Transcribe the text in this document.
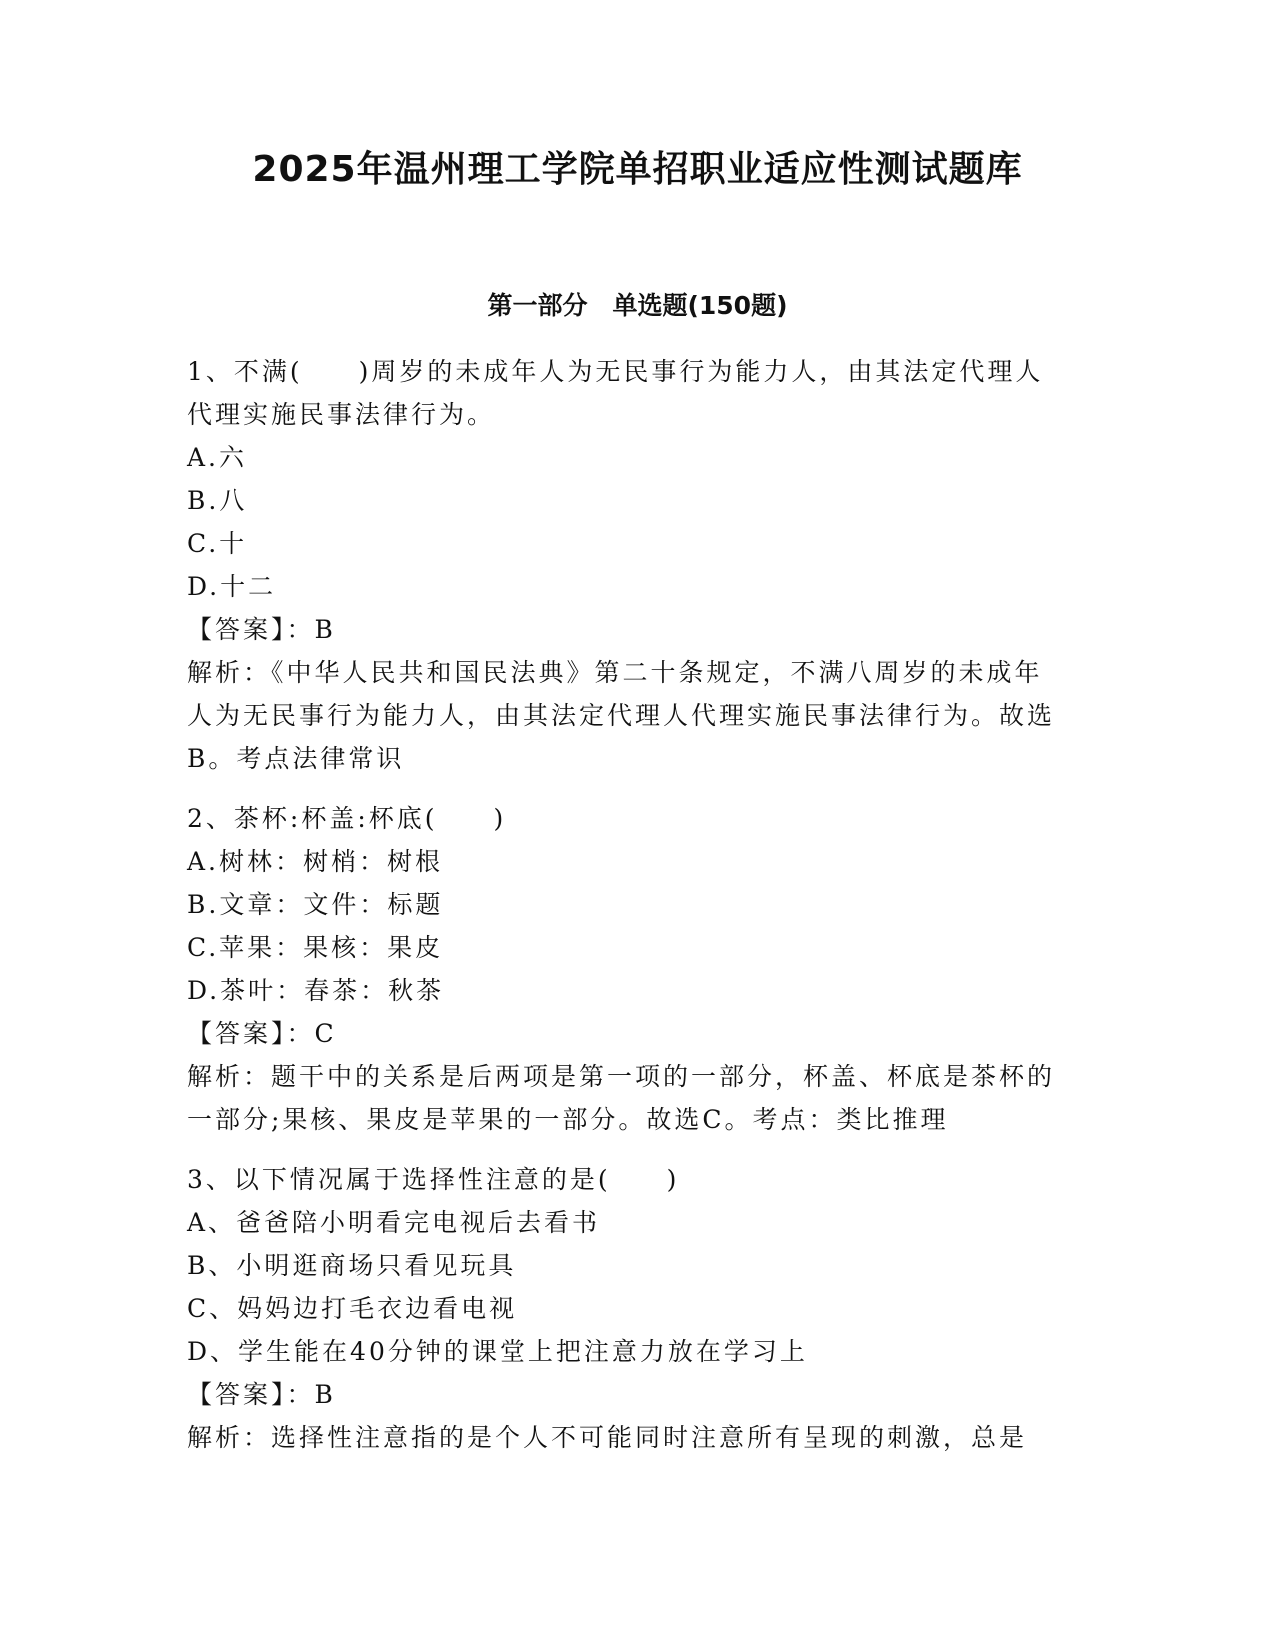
2025年温州理工学院单招职业适应性测试题库
第一部分　单选题(150题)

1、不满(　　)周岁的未成年人为无民事行为能力人，由其法定代理人代理实施民事法律行为。

A.六

B.八

C.十

D.十二

【答案】：B

解析：《中华人民共和国民法典》第二十条规定，不满八周岁的未成年人为无民事行为能力人，由其法定代理人代理实施民事法律行为。故选B。考点法律常识

2、茶杯:杯盖:杯底(　　)

A.树林：树梢：树根

B.文章：文件：标题

C.苹果：果核：果皮

D.茶叶：春茶：秋茶

【答案】：C

解析：题干中的关系是后两项是第一项的一部分，杯盖、杯底是茶杯的一部分;果核、果皮是苹果的一部分。故选C。考点：类比推理

3、以下情况属于选择性注意的是(　　)

A、爸爸陪小明看完电视后去看书

B、小明逛商场只看见玩具

C、妈妈边打毛衣边看电视

D、学生能在40分钟的课堂上把注意力放在学习上

【答案】：B

解析：选择性注意指的是个人不可能同时注意所有呈现的刺激，总是
